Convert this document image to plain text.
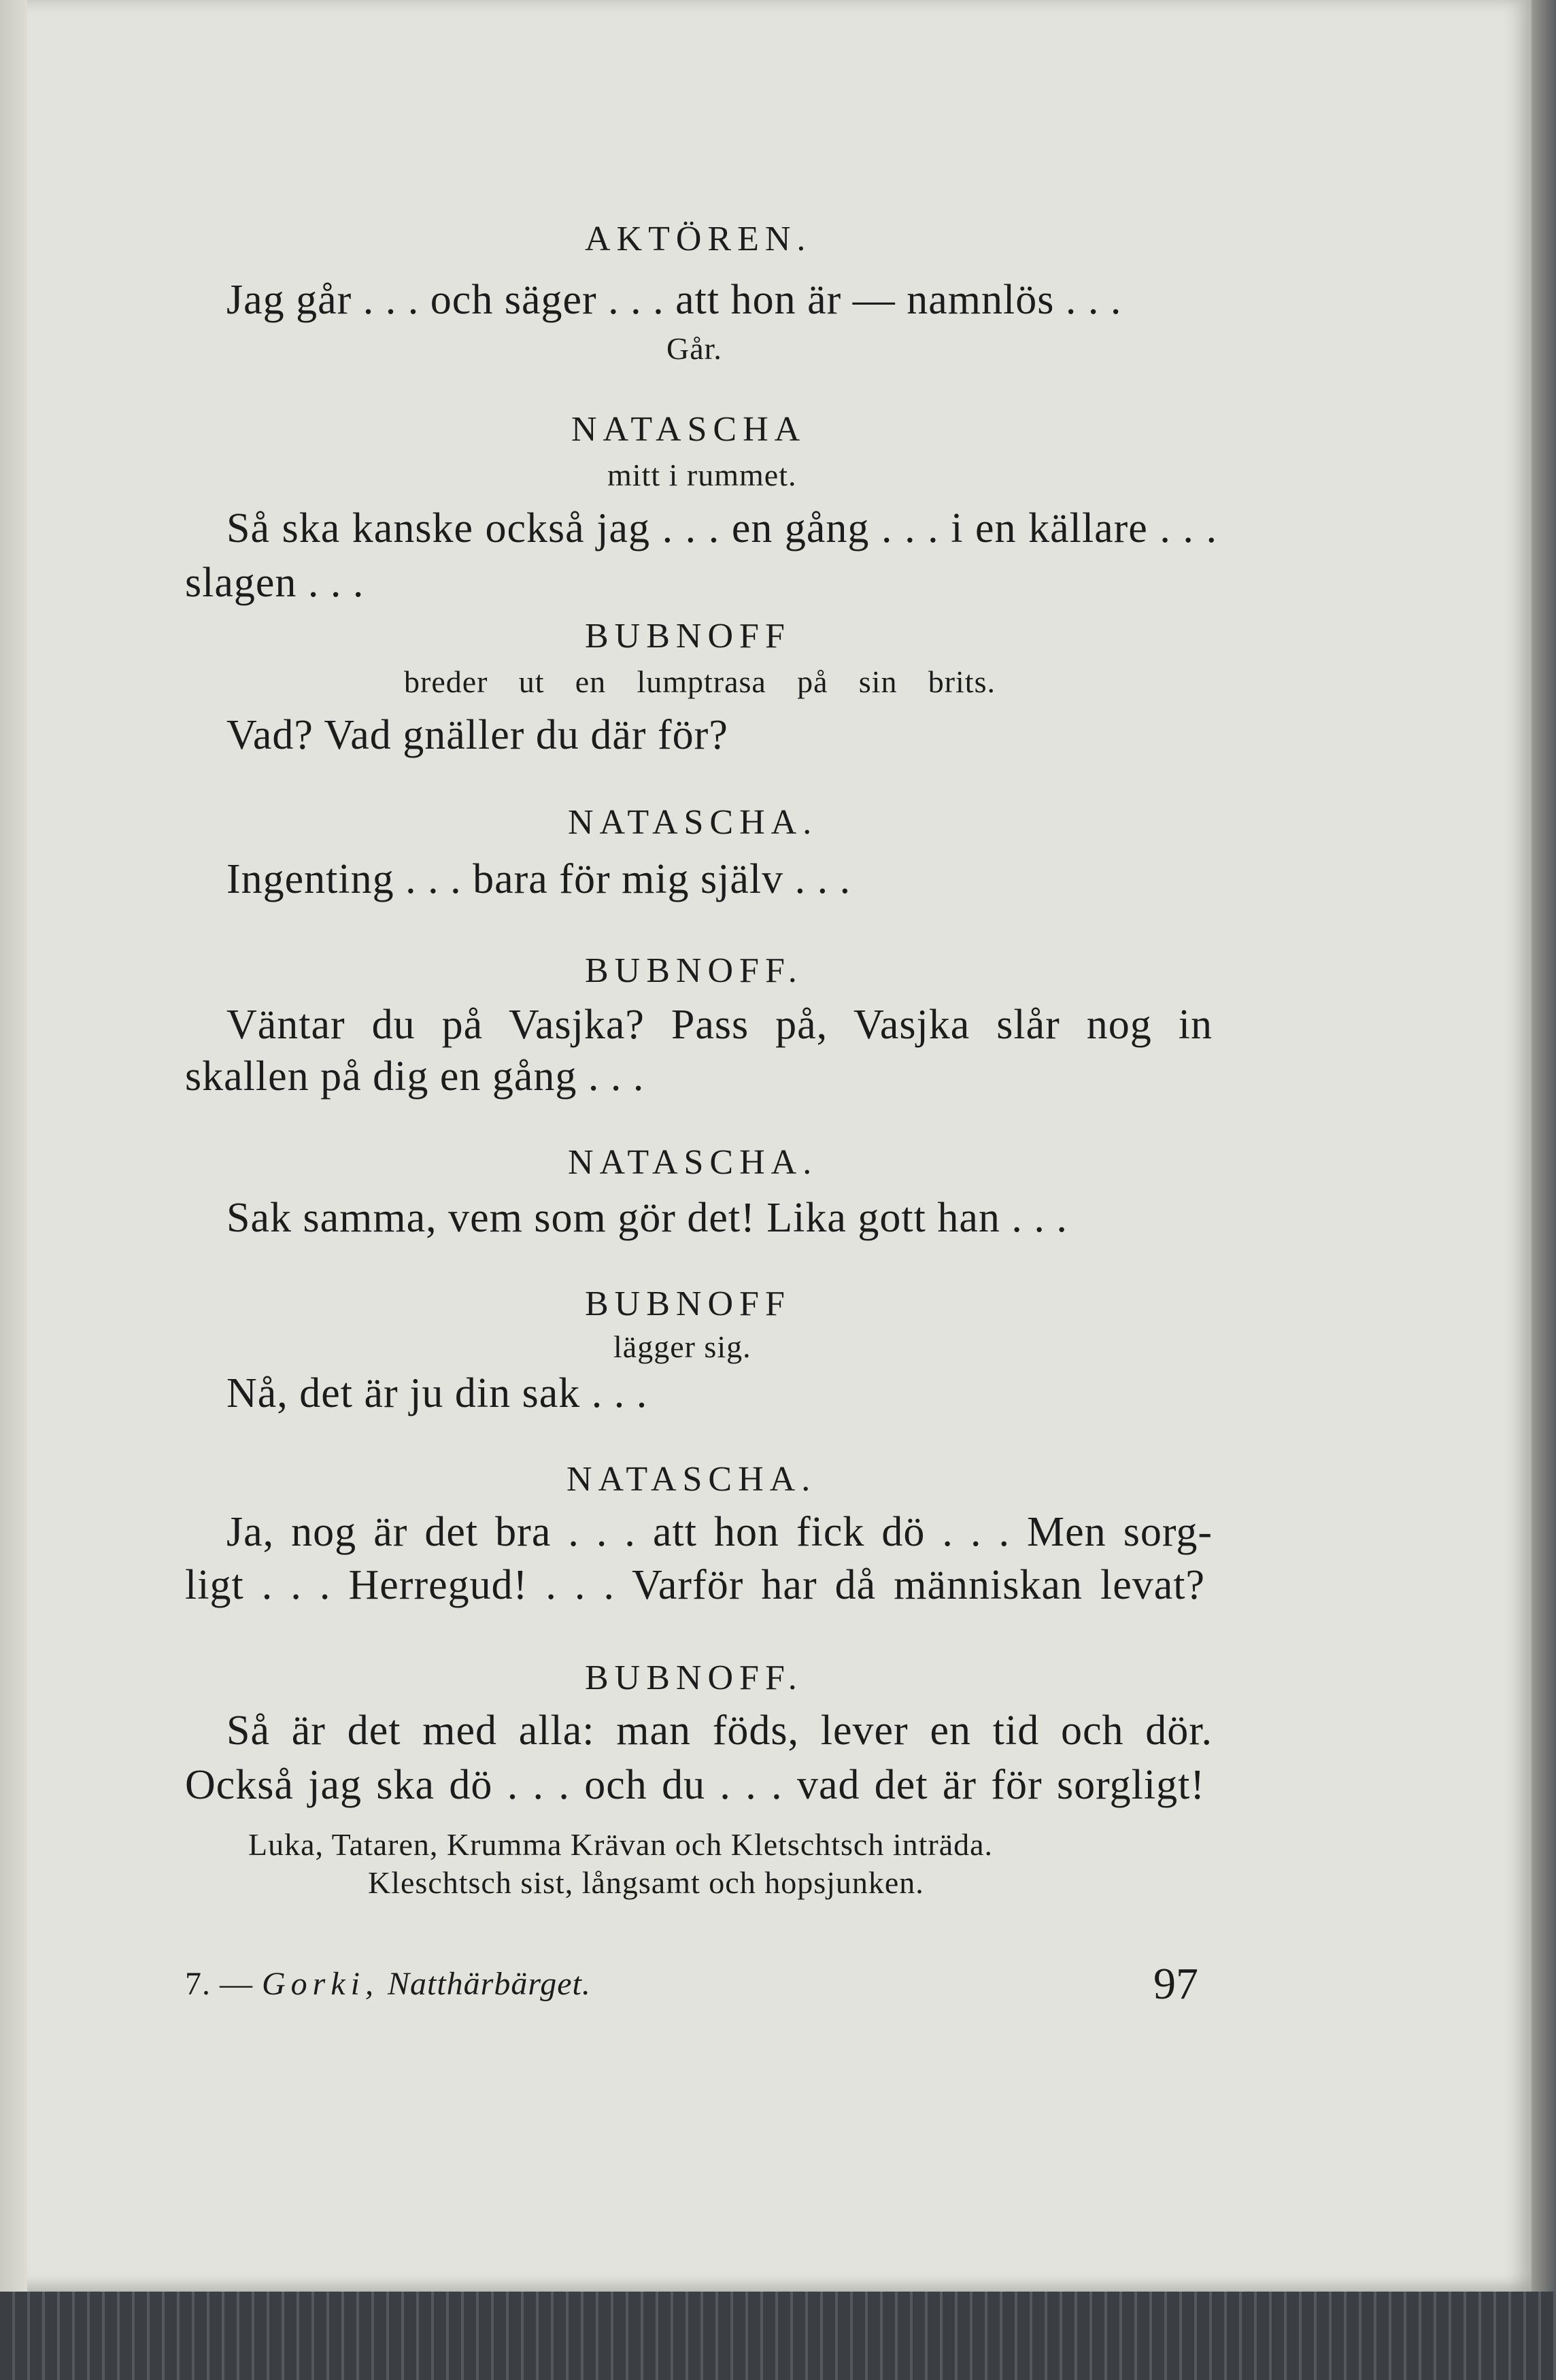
AKTÖREN.
Jag går . . . och säger . . . att hon är — namnlös . . .
Går.
NATASCHA
mitt i rummet.
Så ska kanske också jag . . . en gång . . . i en källare . . .
slagen . . .
BUBNOFF
breder ut en lumptrasa på sin brits.
Vad? Vad gnäller du där för?
NATASCHA.
Ingenting . . . bara för mig själv . . .
BUBNOFF.
Väntar du på Vasjka? Pass på, Vasjka slår nog in
skallen på dig en gång . . .
NATASCHA.
Sak samma, vem som gör det! Lika gott han . . .
BUBNOFF
lägger sig.
Nå, det är ju din sak . . .
NATASCHA.
Ja, nog är det bra . . . att hon fick dö . . . Men sorg-
ligt . . . Herregud! . . . Varför har då människan levat?
BUBNOFF.
Så är det med alla: man föds, lever en tid och dör.
Också jag ska dö . . . och du . . . vad det är för sorgligt!
Luka, Tataren, Krumma Krävan och Kletschtsch inträda.
Kleschtsch sist, långsamt och hopsjunken.
7. — Gorki, Natthärbärget.	97
